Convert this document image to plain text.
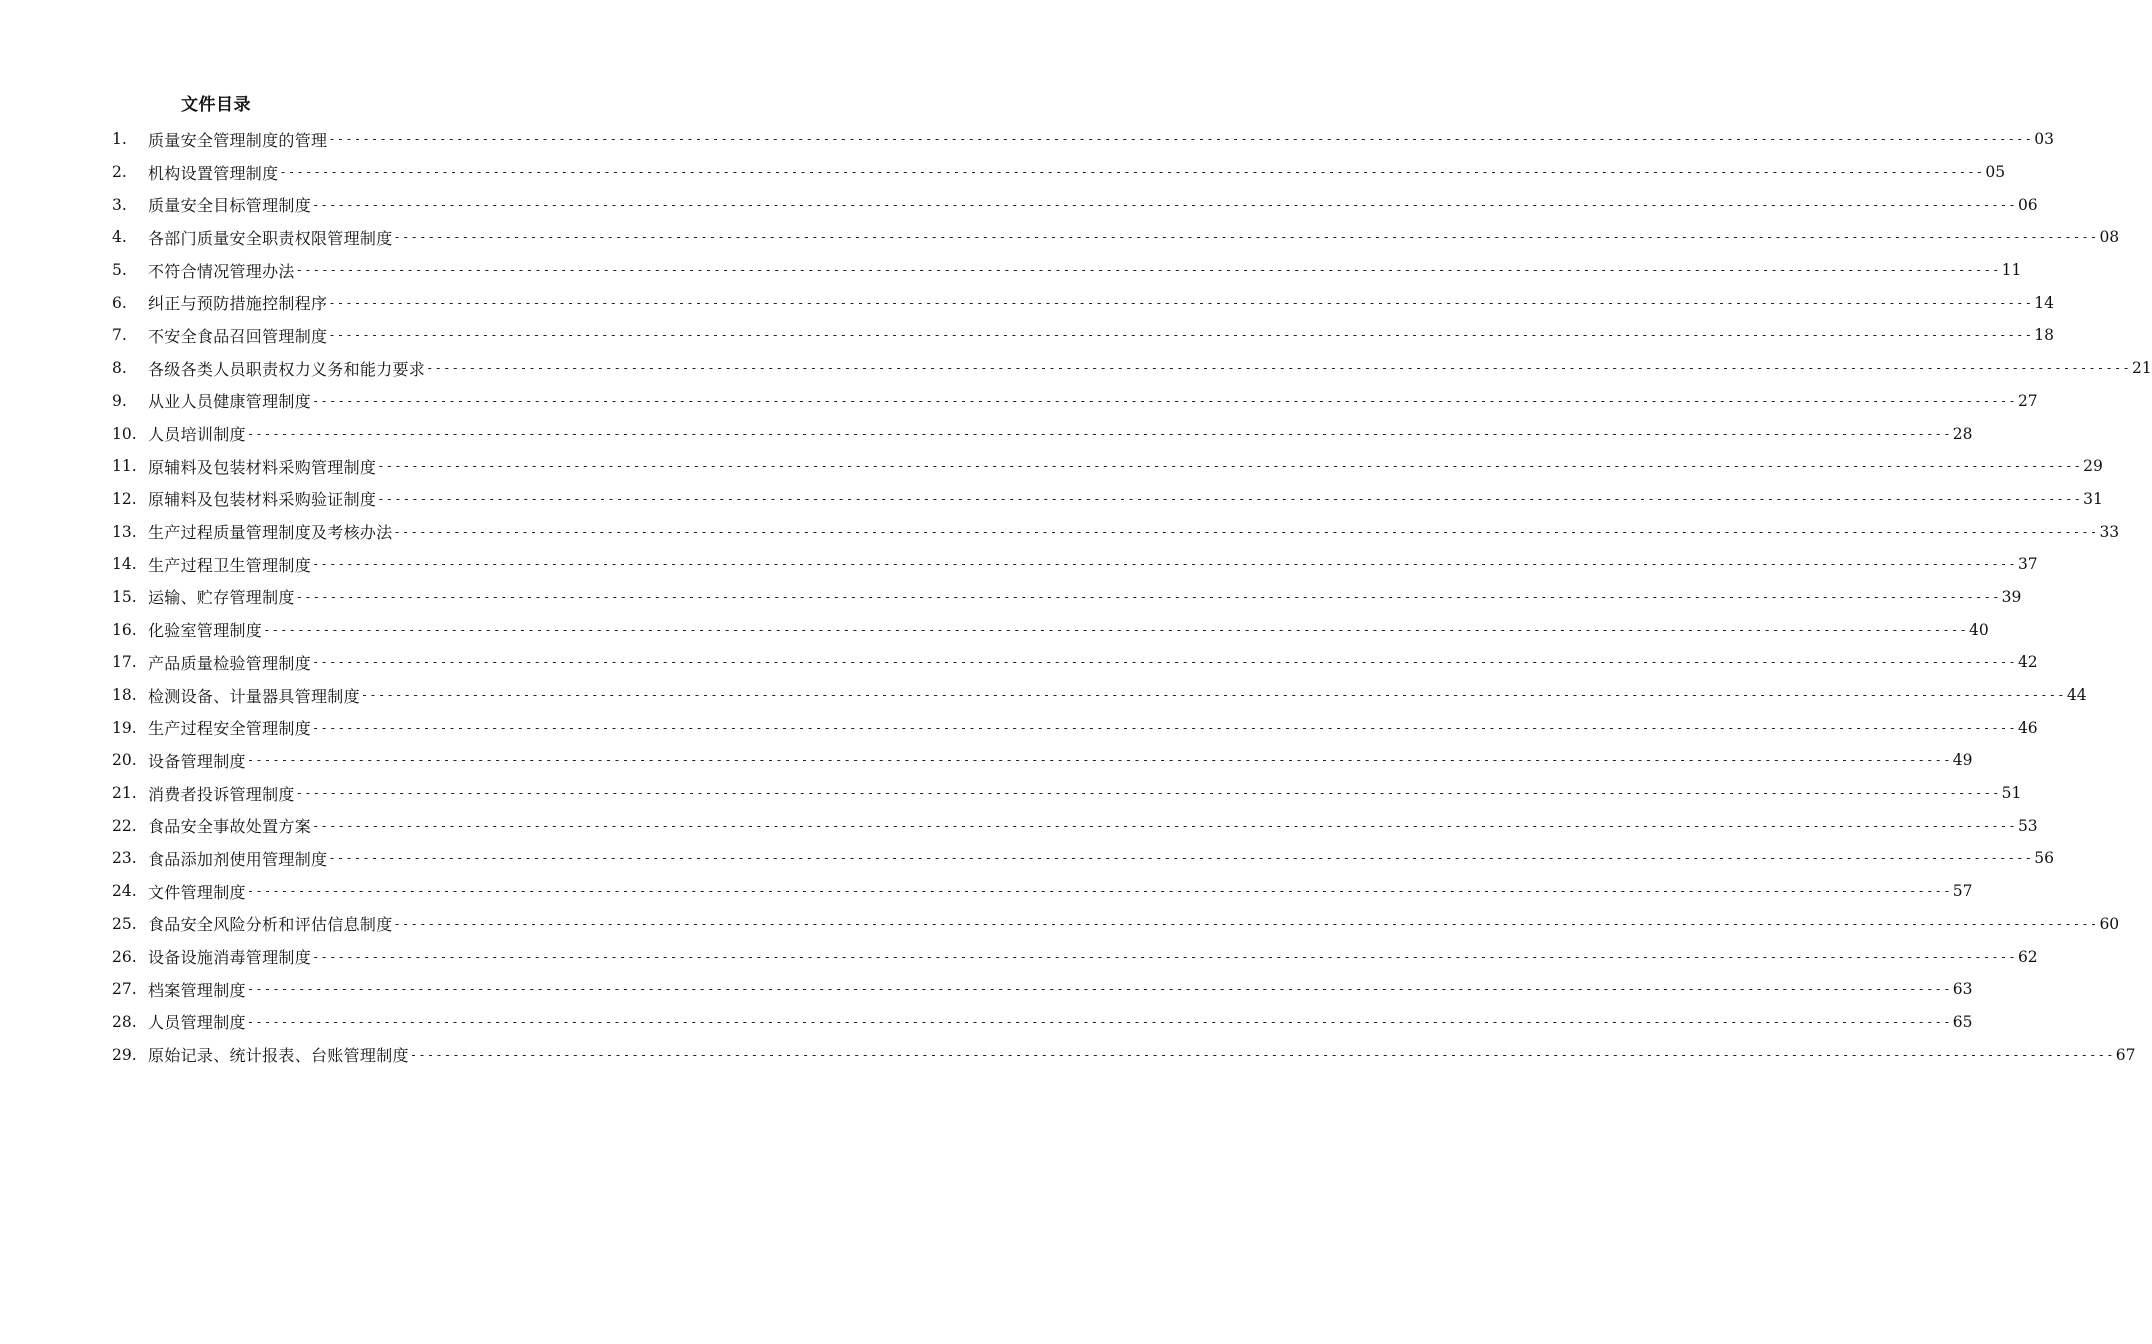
文件目录
1.	质量安全管理制度的管理 -------------------------------------------------------------------------------------------------------------------------------------------------------------------------------------------------------- 03
2.	机构设置管理制度 -------------------------------------------------------------------------------------------------------------------------------------------------------------------------------------------------------- 05
3.	质量安全目标管理制度 -------------------------------------------------------------------------------------------------------------------------------------------------------------------------------------------------------- 06
4.	各部门质量安全职责权限管理制度 -------------------------------------------------------------------------------------------------------------------------------------------------------------------------------------------------------- 08
5.	不符合情况管理办法 -------------------------------------------------------------------------------------------------------------------------------------------------------------------------------------------------------- 11
6.	纠正与预防措施控制程序 -------------------------------------------------------------------------------------------------------------------------------------------------------------------------------------------------------- 14
7.	不安全食品召回管理制度 -------------------------------------------------------------------------------------------------------------------------------------------------------------------------------------------------------- 18
8.	各级各类人员职责权力义务和能力要求 -------------------------------------------------------------------------------------------------------------------------------------------------------------------------------------------------------- 21
9.	从业人员健康管理制度 -------------------------------------------------------------------------------------------------------------------------------------------------------------------------------------------------------- 27
10. 人员培训制度 -------------------------------------------------------------------------------------------------------------------------------------------------------------------------------------------------------- 28
11. 原辅料及包装材料采购管理制度 -------------------------------------------------------------------------------------------------------------------------------------------------------------------------------------------------------- 29
12. 原辅料及包装材料采购验证制度 -------------------------------------------------------------------------------------------------------------------------------------------------------------------------------------------------------- 31
13. 生产过程质量管理制度及考核办法 -------------------------------------------------------------------------------------------------------------------------------------------------------------------------------------------------------- 33
14. 生产过程卫生管理制度 -------------------------------------------------------------------------------------------------------------------------------------------------------------------------------------------------------- 37
15. 运输、贮存管理制度 -------------------------------------------------------------------------------------------------------------------------------------------------------------------------------------------------------- 39
16. 化验室管理制度 -------------------------------------------------------------------------------------------------------------------------------------------------------------------------------------------------------- 40
17. 产品质量检验管理制度 -------------------------------------------------------------------------------------------------------------------------------------------------------------------------------------------------------- 42
18. 检测设备、计量器具管理制度 -------------------------------------------------------------------------------------------------------------------------------------------------------------------------------------------------------- 44
19. 生产过程安全管理制度 -------------------------------------------------------------------------------------------------------------------------------------------------------------------------------------------------------- 46
20. 设备管理制度 -------------------------------------------------------------------------------------------------------------------------------------------------------------------------------------------------------- 49
21. 消费者投诉管理制度 -------------------------------------------------------------------------------------------------------------------------------------------------------------------------------------------------------- 51
22. 食品安全事故处置方案 -------------------------------------------------------------------------------------------------------------------------------------------------------------------------------------------------------- 53
23. 食品添加剂使用管理制度 -------------------------------------------------------------------------------------------------------------------------------------------------------------------------------------------------------- 56
24. 文件管理制度 -------------------------------------------------------------------------------------------------------------------------------------------------------------------------------------------------------- 57
25. 食品安全风险分析和评估信息制度 -------------------------------------------------------------------------------------------------------------------------------------------------------------------------------------------------------- 60
26. 设备设施消毒管理制度 -------------------------------------------------------------------------------------------------------------------------------------------------------------------------------------------------------- 62
27. 档案管理制度 -------------------------------------------------------------------------------------------------------------------------------------------------------------------------------------------------------- 63
28. 人员管理制度 -------------------------------------------------------------------------------------------------------------------------------------------------------------------------------------------------------- 65
29. 原始记录、统计报表、台账管理制度 -------------------------------------------------------------------------------------------------------------------------------------------------------------------------------------------------------- 67
